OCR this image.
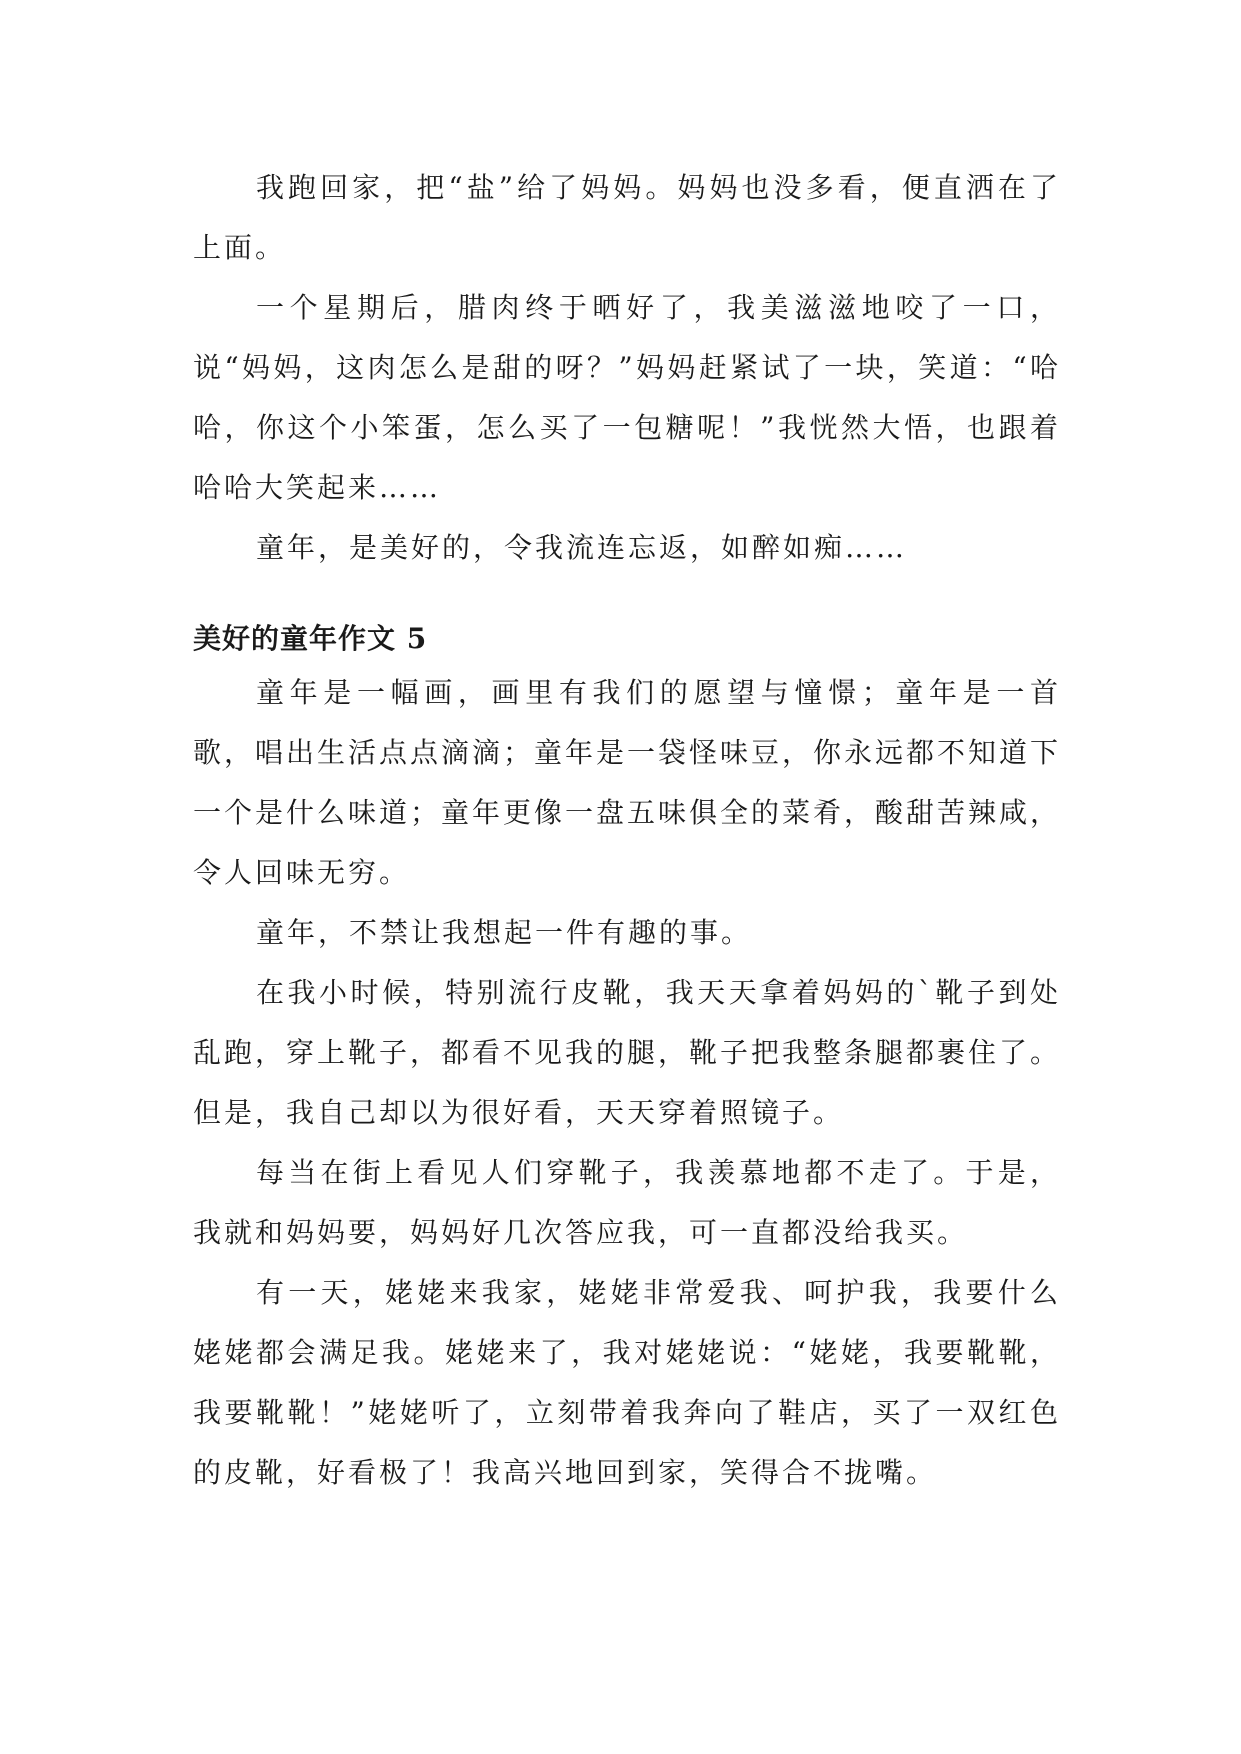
我跑回家，把“盐”给了妈妈。妈妈也没多看，便直洒在了上面。

一个星期后，腊肉终于晒好了，我美滋滋地咬了一口，说“妈妈，这肉怎么是甜的呀？”妈妈赶紧试了一块，笑道：“哈哈，你这个小笨蛋，怎么买了一包糖呢！”我恍然大悟，也跟着哈哈大笑起来……

童年，是美好的，令我流连忘返，如醉如痴……

美好的童年作文 5

童年是一幅画，画里有我们的愿望与憧憬；童年是一首歌，唱出生活点点滴滴；童年是一袋怪味豆，你永远都不知道下一个是什么味道；童年更像一盘五味俱全的菜肴，酸甜苦辣咸，令人回味无穷。

童年，不禁让我想起一件有趣的事。

在我小时候，特别流行皮靴，我天天拿着妈妈的`靴子到处乱跑，穿上靴子，都看不见我的腿，靴子把我整条腿都裹住了。但是，我自己却以为很好看，天天穿着照镜子。

每当在街上看见人们穿靴子，我羡慕地都不走了。于是，我就和妈妈要，妈妈好几次答应我，可一直都没给我买。

有一天，姥姥来我家，姥姥非常爱我、呵护我，我要什么姥姥都会满足我。姥姥来了，我对姥姥说：“姥姥，我要靴靴，我要靴靴！”姥姥听了，立刻带着我奔向了鞋店，买了一双红色的皮靴，好看极了！我高兴地回到家，笑得合不拢嘴。
